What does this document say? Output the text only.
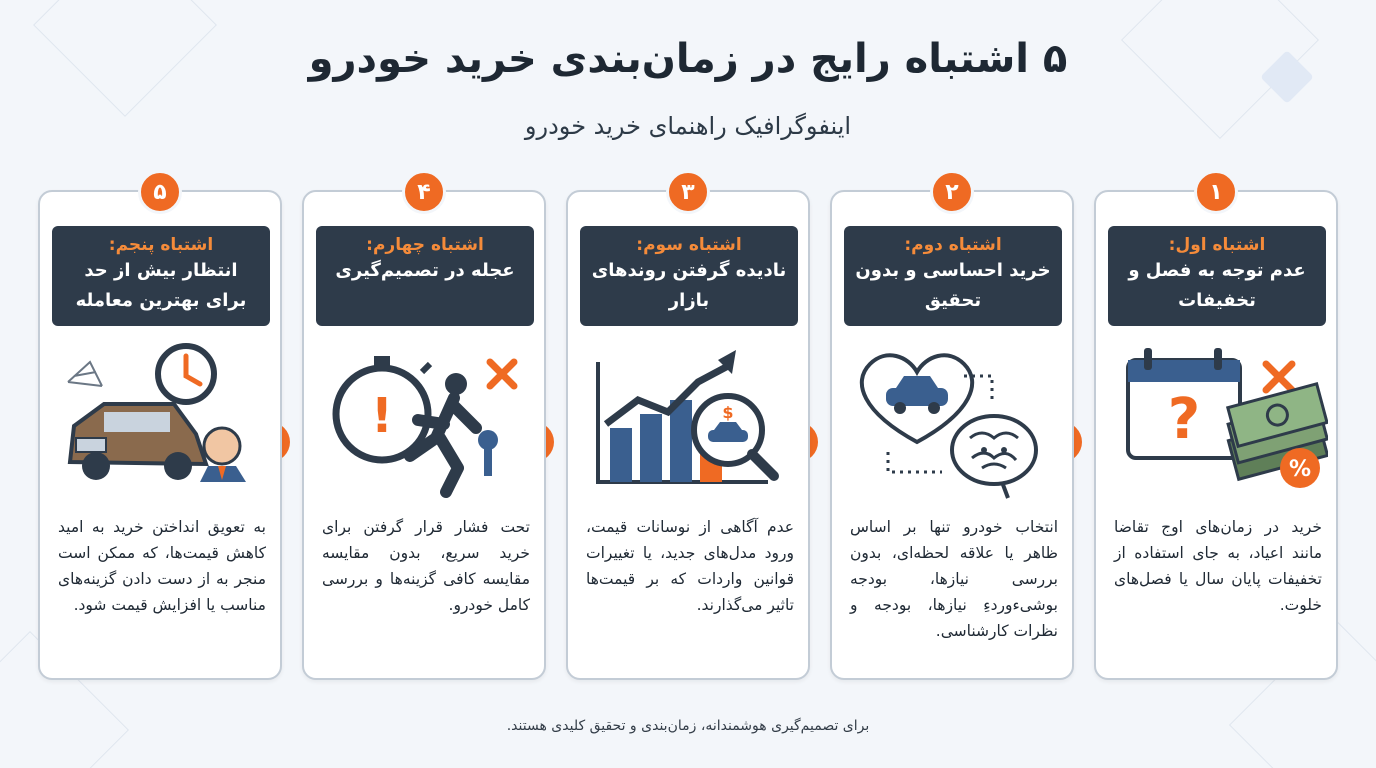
۵ اشتباه رایج در زمان‌بندی خرید خودرو
اینفوگرافیک راهنمای خرید خودرو
۱
اشتباه اول:
عدم توجه به فصل و تخفیفات
?
%
خرید در زمان‌های اوج تقاضا مانند اعیاد، به جای استفاده از تخفیفات پایان سال یا فصل‌های خلوت.
۲
اشتباه دوم:
خرید احساسی و بدون تحقیق
انتخاب خودرو تنها بر اساس ظاهر یا علاقه لحظه‌ای، بدون بررسی نیازها، بودجه بوشیءوردءِ نیازها، بودجه و نظرات کارشناسی.
۳
اشتباه سوم:
نادیده گرفتن روندهای بازار
$
عدم آگاهی از نوسانات قیمت، ورود مدل‌های جدید، یا تغییرات قوانین واردات که بر قیمت‌ها تاثیر می‌گذارند.
۴
اشتباه چهارم:
عجله در تصمیم‌گیری
!
تحت فشار قرار گرفتن برای خرید سریع، بدون مقایسه مقایسه کافی گزینه‌ها و بررسی کامل خودرو.
۵
اشتباه پنجم:
انتظار بیش از حد برای بهترین معامله
به تعویق انداختن خرید به امید کاهش قیمت‌ها، که ممکن است منجر به از دست دادن گزینه‌های مناسب یا افزایش قیمت شود.
برای تصمیم‌گیری هوشمندانه، زمان‌بندی و تحقیق کلیدی هستند.
